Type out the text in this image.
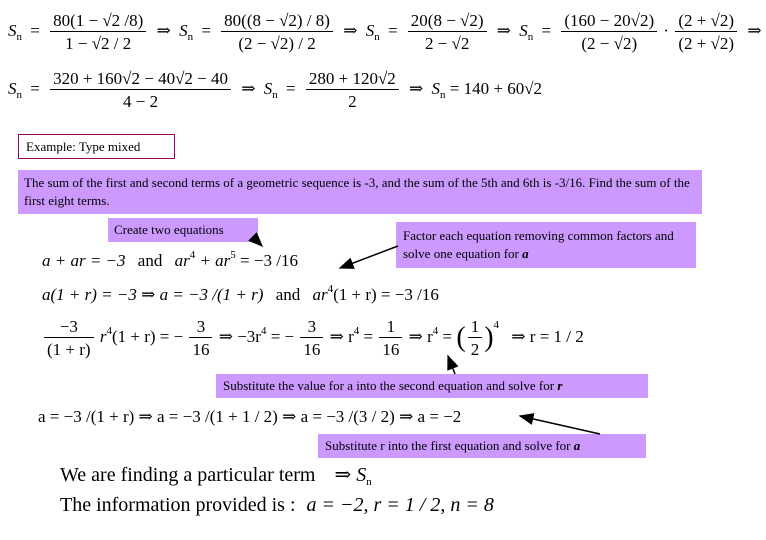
$S_n = \frac{80(1 - √2 /8)}{1 - √2 / 2}$ ⇒ $S_n = \frac{80((8 - √2) / 8)}{(2 - √2) / 2}$ ⇒ $S_n = \frac{20(8 - √2)}{2 - √2}$ ⇒ $S_n = \frac{(160 - 20√2)}{(2 - √2)} \cdot \frac{(2 + √2)}{(2 + √2)}$ ⇒
$S_n = \frac{320 + 160√2 - 40√2 - 40}{4 - 2}$ ⇒ $S_n = \frac{280 + 120√2}{2}$ ⇒ $S_n = 140 + 60√2$
Example: Type mixed
The sum of the first and second terms of a geometric sequence is -3, and the sum of the 5th and 6th is -3/16. Find the sum of the first eight terms.
Create two equations	Factor each equation removing common factors and solve one equation for a
a + ar = −3 and $ar^4 + ar^5 = -3$ /16
a(1 + r) = −3 ⇒ a = −3 /(1 + r) and $ar^4(1 + r) = -3$ /16
$\frac{-3}{(1 + r)} r^4(1 + r)$ = − $\frac{3}{16}$ ⇒ $-3r^4$ = − $\frac{3}{16}$ ⇒ $r^4 = \frac{1}{16}$ ⇒ $r^4$ = ( $\frac{1}{2} )^4$ ⇒ r = 1 / 2
Substitute the value for a into the second equation and solve for r
a = −3 /(1 + r) ⇒ a = −3 /(1 + 1 / 2) ⇒ a = −3 /(3 / 2) ⇒ a = −2
Substitute r into the first equation and solve for a
We are finding a particular term ⇒ $S_n$
The information provided is : a = −2, r = 1 / 2, n = 8
